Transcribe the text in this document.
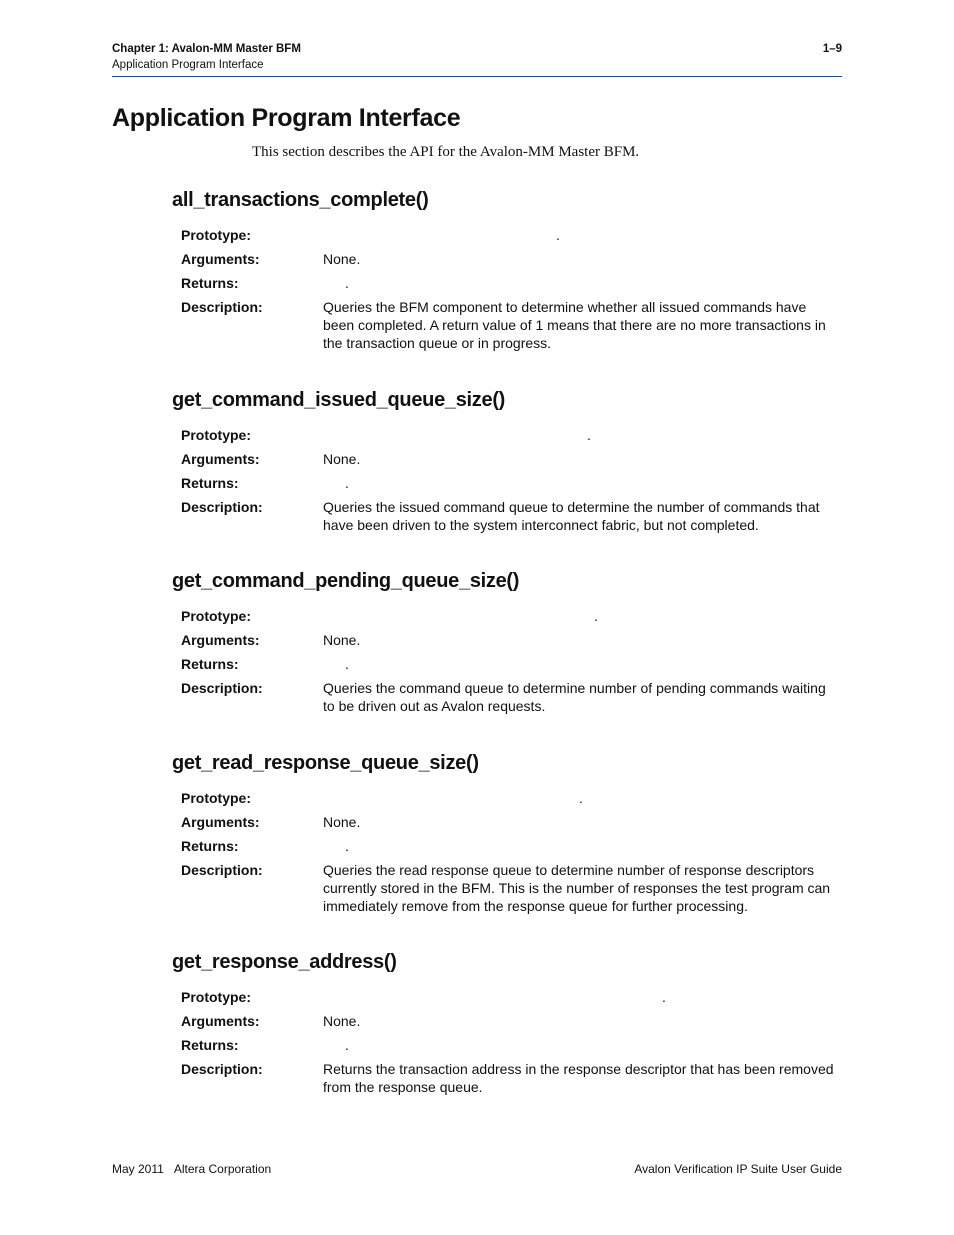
Chapter 1: Avalon-MM Master BFM
Application Program Interface
1–9
Application Program Interface

This section describes the API for the Avalon-MM Master BFM.

all_transactions_complete()
Prototype:	.

Arguments:	None.
Returns:	.

Description:	Queries the BFM component to determine whether all issued commands have been completed. A return value of 1 means that there are no more transactions in the transaction queue or in progress.
get_command_issued_queue_size()
Prototype:	.

Arguments:	None.
Returns:	.

Description:	Queries the issued command queue to determine the number of commands that have been driven to the system interconnect fabric, but not completed.
get_command_pending_queue_size()
Prototype:	.

Arguments:	None.
Returns:	.

Description:	Queries the command queue to determine number of pending commands waiting to be driven out as Avalon requests.
get_read_response_queue_size()
Prototype:	.

Arguments:	None.
Returns:	.

Description:	Queries the read response queue to determine number of response descriptors currently stored in the BFM. This is the number of responses the test program can immediately remove from the response queue for further processing.
get_response_address()
Prototype:	.

Arguments:	None.
Returns:	.

Description:	Returns the transaction address in the response descriptor that has been removed from the response queue.
May 2011 Altera Corporation	Avalon Verification IP Suite User Guide
